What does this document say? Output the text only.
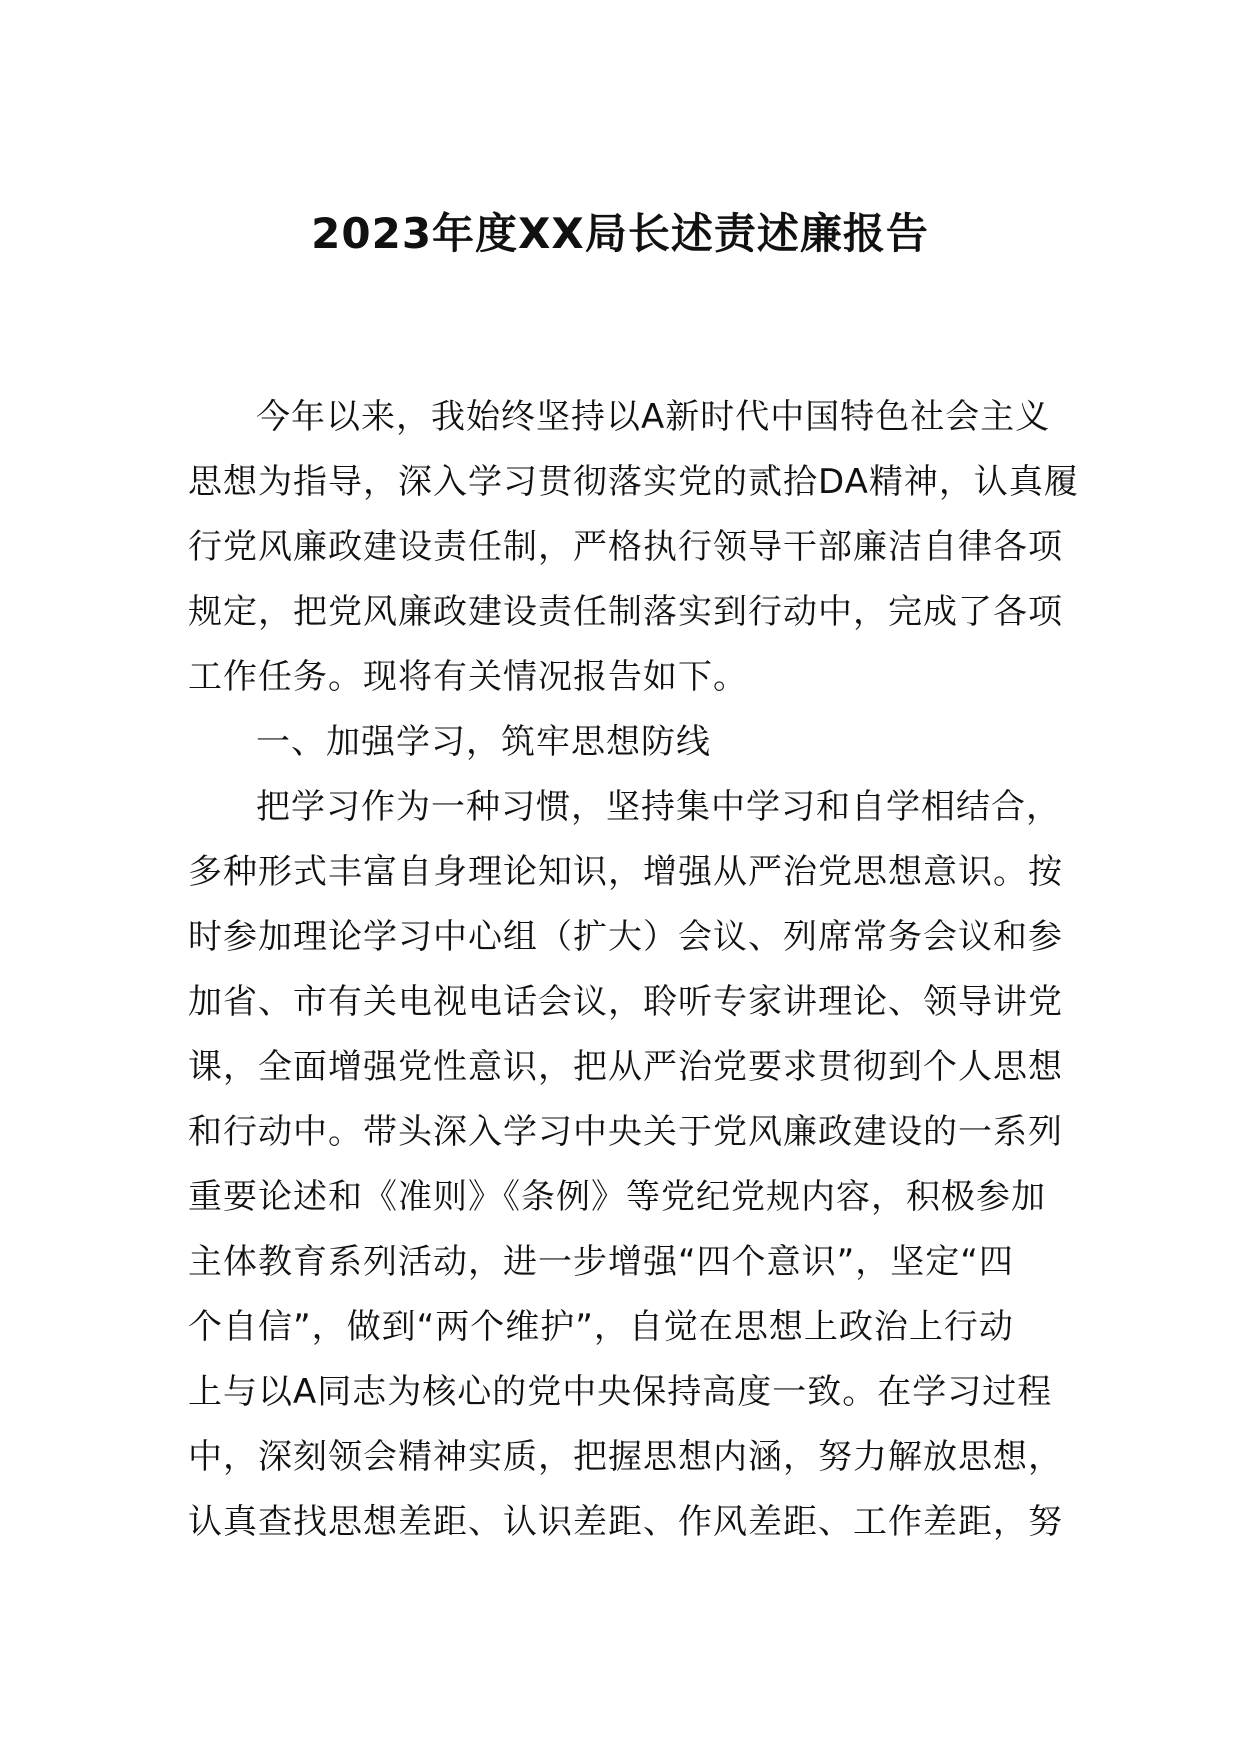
2023年度XX局长述责述廉报告
今年以来，我始终坚持以A新时代中国特色社会主义
思想为指导，深入学习贯彻落实党的贰拾DA精神，认真履
行党风廉政建设责任制，严格执行领导干部廉洁自律各项
规定，把党风廉政建设责任制落实到行动中，完成了各项
工作任务。现将有关情况报告如下。
一、加强学习，筑牢思想防线
把学习作为一种习惯，坚持集中学习和自学相结合，
多种形式丰富自身理论知识，增强从严治党思想意识。按
时参加理论学习中心组（扩大）会议、列席常务会议和参
加省、市有关电视电话会议，聆听专家讲理论、领导讲党
课，全面增强党性意识，把从严治党要求贯彻到个人思想
和行动中。带头深入学习中央关于党风廉政建设的一系列
重要论述和《准则》《条例》等党纪党规内容，积极参加
主体教育系列活动，进一步增强“四个意识”，坚定“四
个自信”，做到“两个维护”，自觉在思想上政治上行动
上与以A同志为核心的党中央保持高度一致。在学习过程
中，深刻领会精神实质，把握思想内涵，努力解放思想，
认真查找思想差距、认识差距、作风差距、工作差距，努
